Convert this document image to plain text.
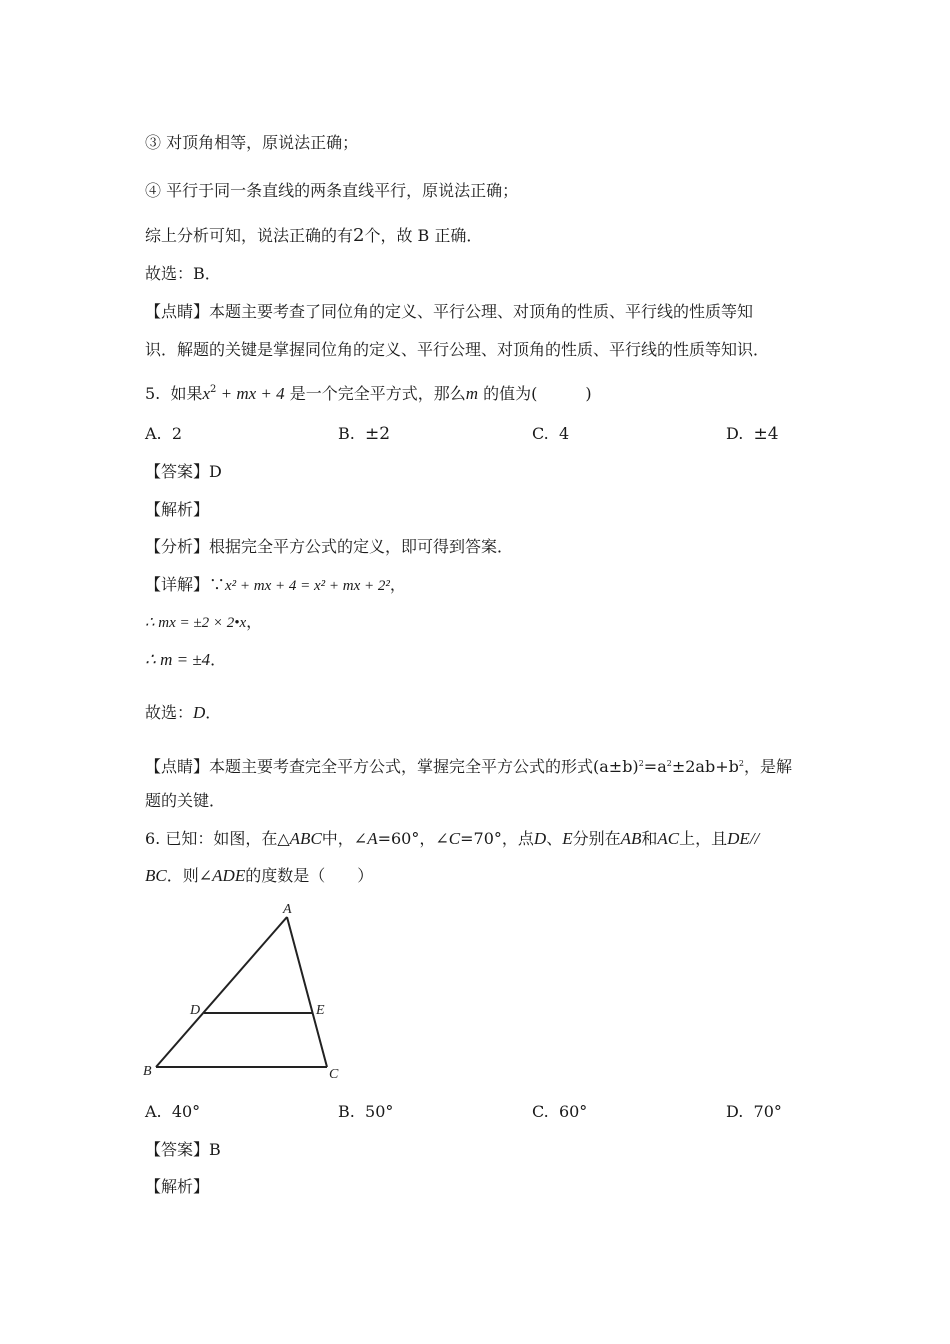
③ 对顶角相等，原说法正确；
④ 平行于同一条直线的两条直线平行，原说法正确；
综上分析可知，说法正确的有2个，故 B 正确．
故选：B．
【点睛】本题主要考查了同位角的定义、平行公理、对顶角的性质、平行线的性质等知
识．解题的关键是掌握同位角的定义、平行公理、对顶角的性质、平行线的性质等知识．
5. 如果$x^2$ + mx + 4 是一个完全平方式，那么m 的值为(	)
A. 2	B. ±2	C. 4	D. ±4
【答案】D
【解析】
【分析】根据完全平方公式的定义，即可得到答案．
【详解】∵x² + mx + 4 = x² + mx + 2²，
∴ mx = ±2 × 2•x，
∴ m = ±4．
故选：D．
【点睛】本题主要考查完全平方公式，掌握完全平方公式的形式$(a\pm b)^2=a^2\pm 2ab+b^2$，是解
题的关键．
6. 已知：如图，在△ABC中，∠A=60°，∠C=70°，点D、E分别在AB和AC上，且DE//
BC．则∠ADE的度数是（　　）
A
D	E
B	C
A. 40°	B. 50°	C. 60°	D. 70°
【答案】B
【解析】
